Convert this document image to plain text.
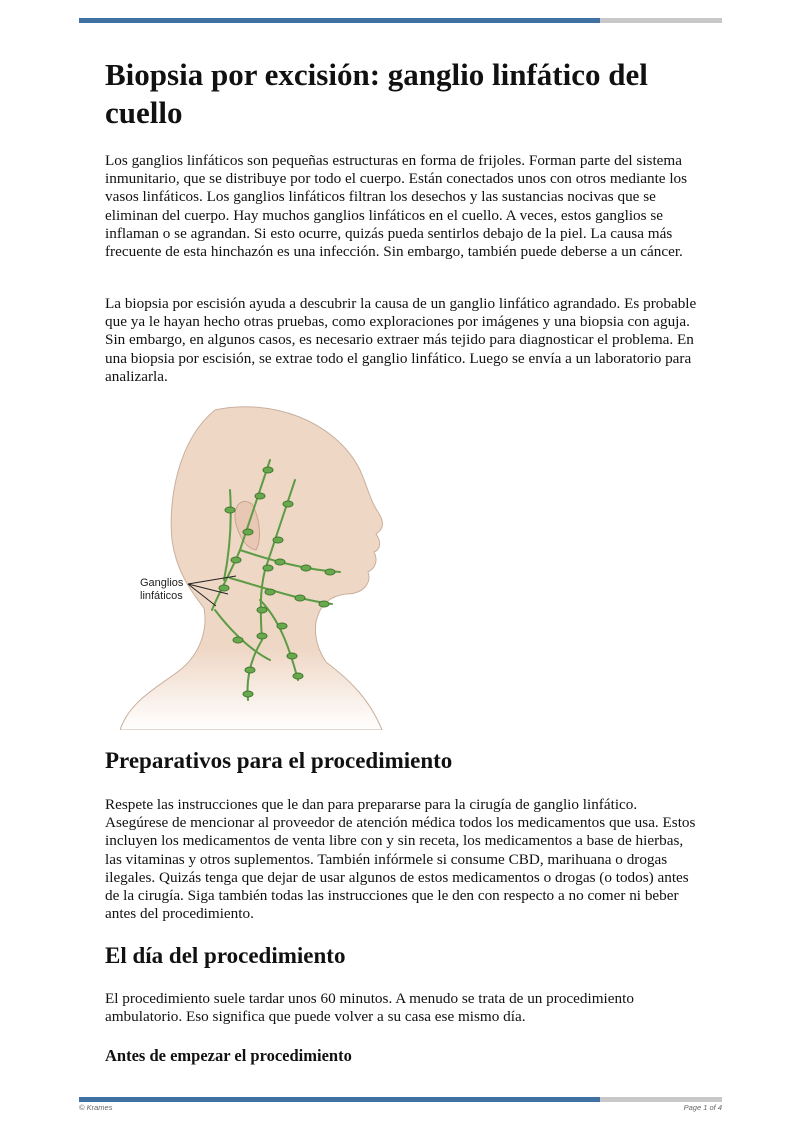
Biopsia por excisión: ganglio linfático del cuello

Los ganglios linfáticos son pequeñas estructuras en forma de frijoles. Forman parte del sistema inmunitario, que se distribuye por todo el cuerpo. Están conectados unos con otros mediante los vasos linfáticos. Los ganglios linfáticos filtran los desechos y las sustancias nocivas que se eliminan del cuerpo. Hay muchos ganglios linfáticos en el cuello. A veces, estos ganglios se inflaman o se agrandan. Si esto ocurre, quizás pueda sentirlos debajo de la piel. La causa más frecuente de esta hinchazón es una infección. Sin embargo, también puede deberse a un cáncer.

La biopsia por escisión ayuda a descubrir la causa de un ganglio linfático agrandado. Es probable que ya le hayan hecho otras pruebas, como exploraciones por imágenes y una biopsia con aguja. Sin embargo, en algunos casos, es necesario extraer más tejido para diagnosticar el problema. En una biopsia por escisión, se extrae todo el ganglio linfático. Luego se envía a un laboratorio para analizarla.

Ganglios
linfáticos
Preparativos para el procedimiento

Respete las instrucciones que le dan para prepararse para la cirugía de ganglio linfático. Asegúrese de mencionar al proveedor de atención médica todos los medicamentos que usa. Estos incluyen los medicamentos de venta libre con y sin receta, los medicamentos a base de hierbas, las vitaminas y otros suplementos. También infórmele si consume CBD, marihuana o drogas ilegales. Quizás tenga que dejar de usar algunos de estos medicamentos o drogas (o todos) antes de la cirugía. Siga también todas las instrucciones que le den con respecto a no comer ni beber antes del procedimiento.

El día del procedimiento

El procedimiento suele tardar unos 60 minutos. A menudo se trata de un procedimiento ambulatorio. Eso significa que puede volver a su casa ese mismo día.

Antes de empezar el procedimiento
© Krames	Page 1 of 4
